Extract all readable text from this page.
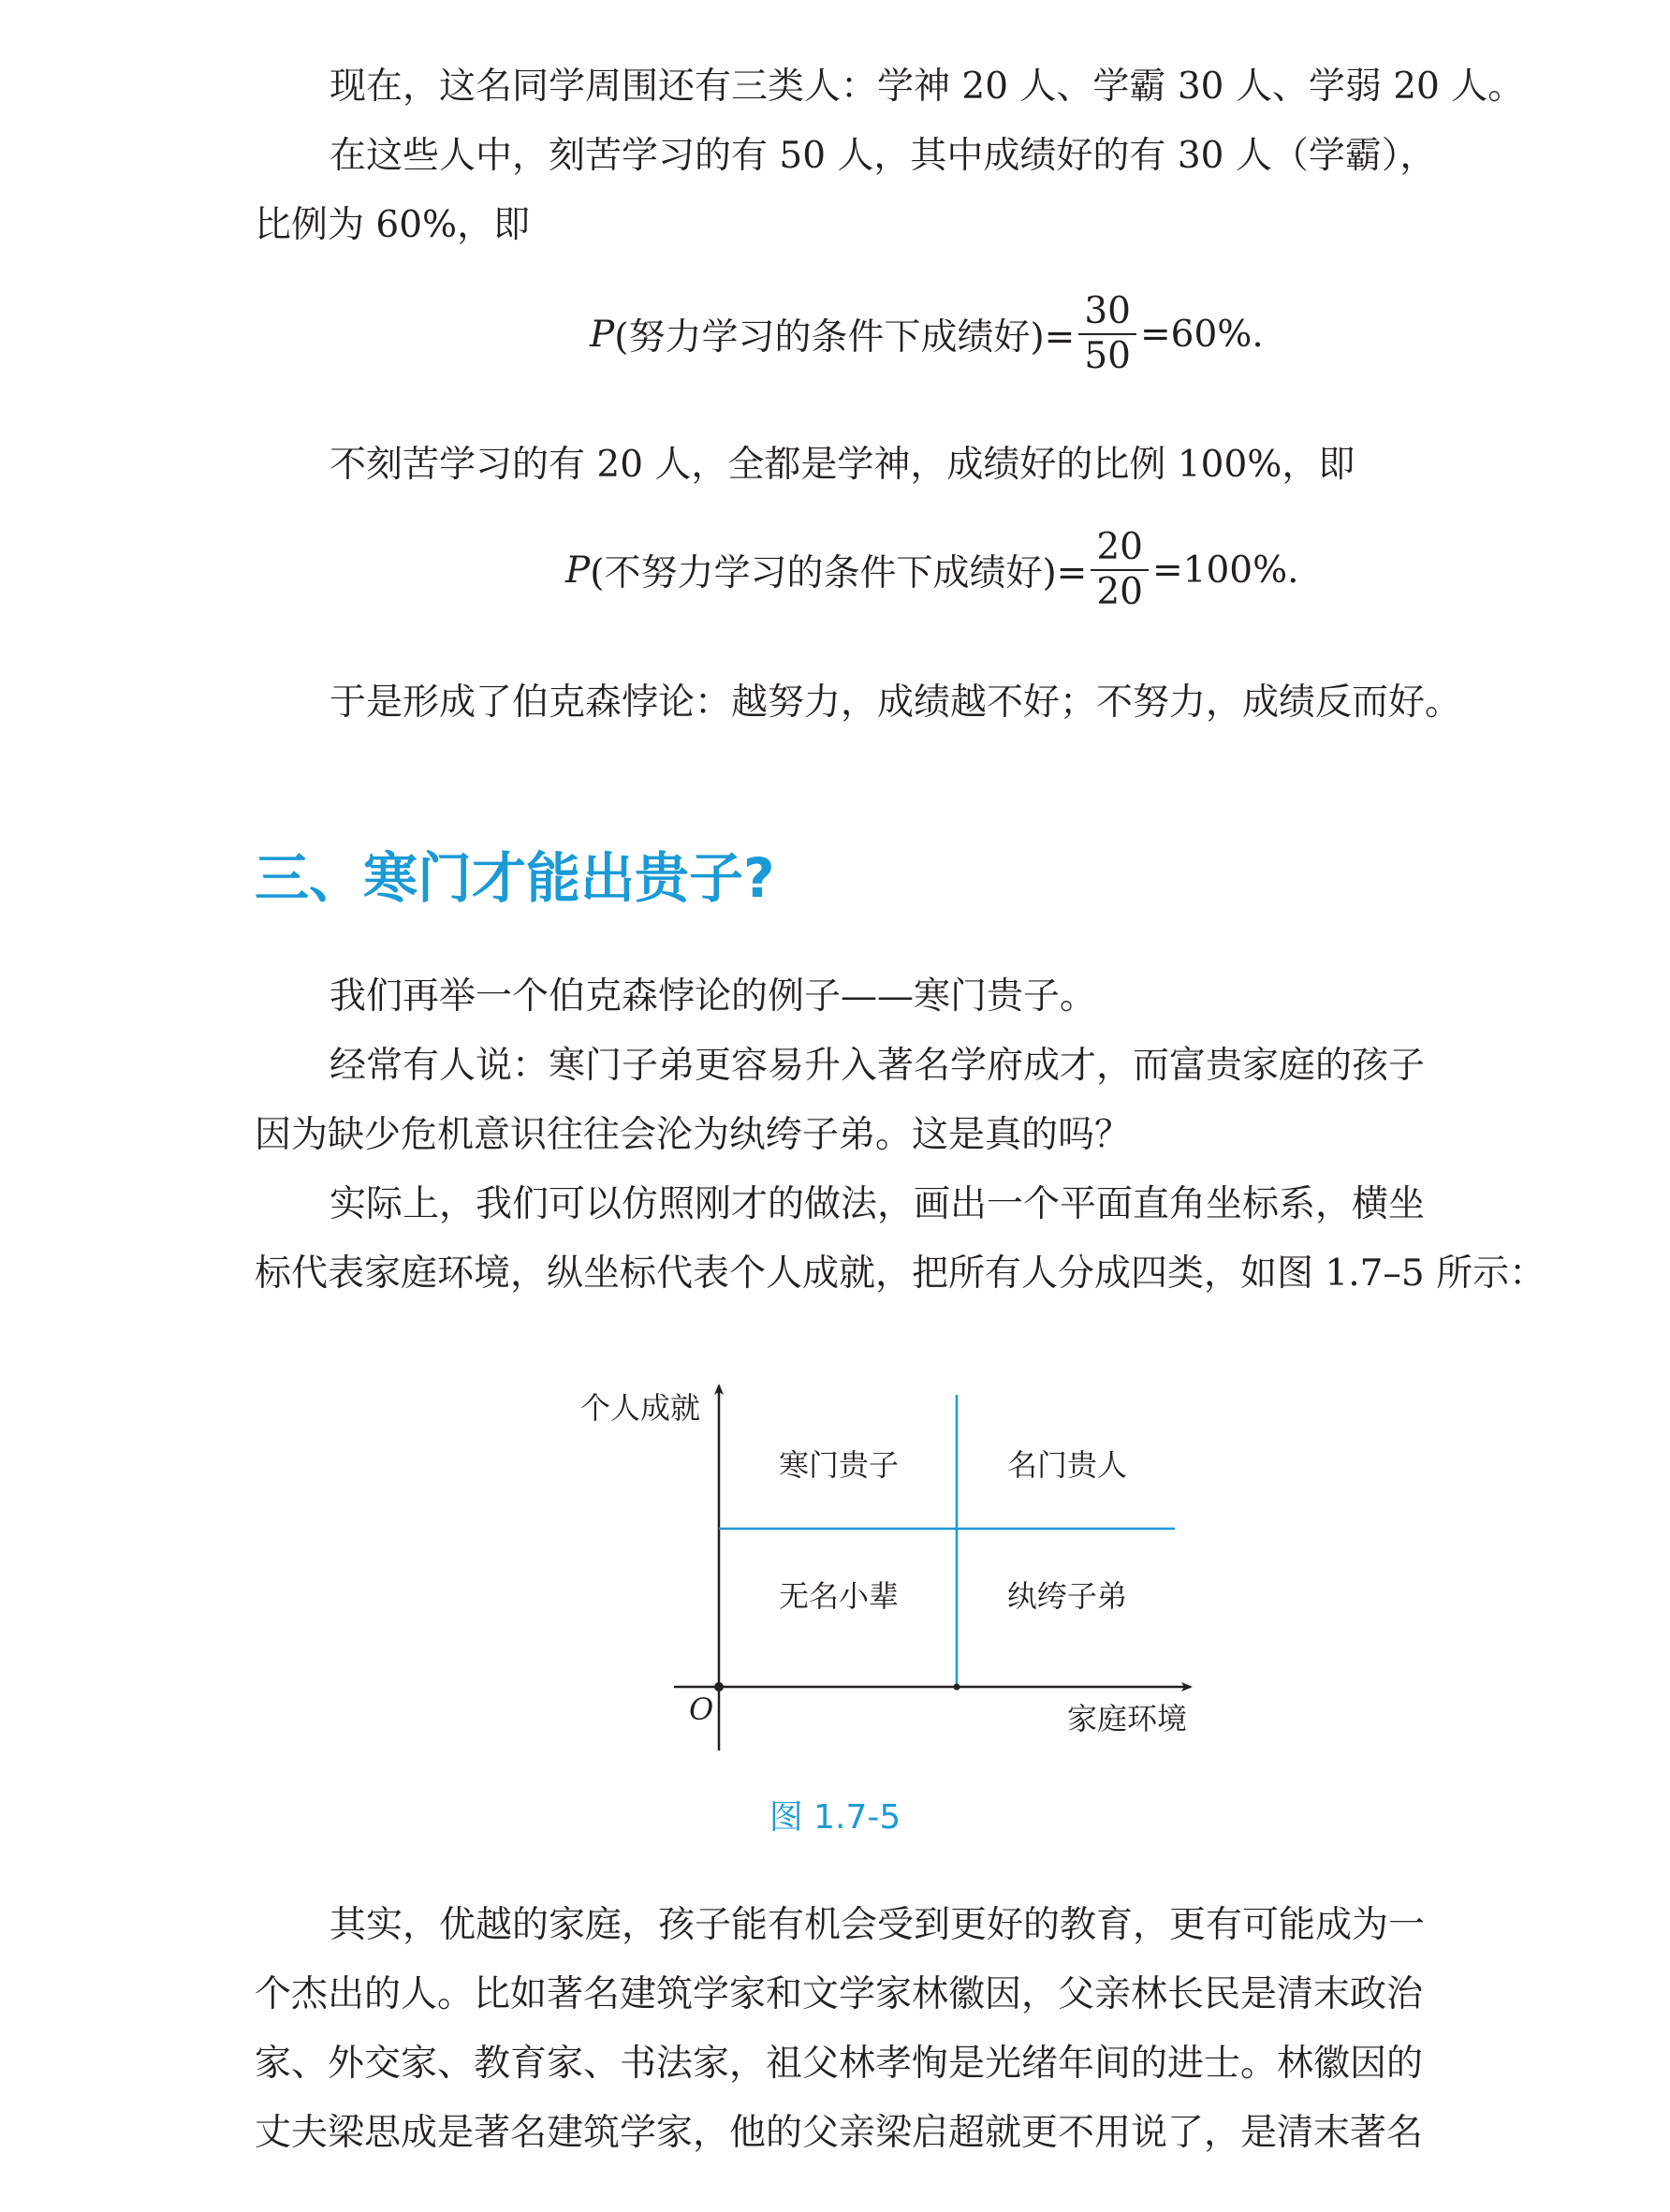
现在，这名同学周围还有三类人：学神 20 人、学霸 30 人、学弱 20 人。
在这些人中，刻苦学习的有 50 人，其中成绩好的有 30 人（学霸），
比例为 60%，即
P (努力学习的条件下成绩好)= $\frac{30}{50} =60\%$.
不刻苦学习的有 20 人，全都是学神，成绩好的比例 100%，即
P (不努力学习的条件下成绩好)= $\frac{20}{20} =100\%$.
于是形成了伯克森悖论：越努力，成绩越不好；不努力，成绩反而好。
三、寒门才能出贵子?
我们再举一个伯克森悖论的例子——寒门贵子。
经常有人说：寒门子弟更容易升入著名学府成才，而富贵家庭的孩子
因为缺少危机意识往往会沦为纨绔子弟。这是真的吗？
实际上，我们可以仿照刚才的做法，画出一个平面直角坐标系，横坐
标代表家庭环境，纵坐标代表个人成就，把所有人分成四类，如图 1.7–5 所示：
个人成就
家庭环境
O
寒门贵子	名门贵人
无名小辈	纨绔子弟
图 1.7-5
其实，优越的家庭，孩子能有机会受到更好的教育，更有可能成为一
个杰出的人。比如著名建筑学家和文学家林徽因，父亲林长民是清末政治
家、外交家、教育家、书法家，祖父林孝恂是光绪年间的进士。林徽因的
丈夫梁思成是著名建筑学家，他的父亲梁启超就更不用说了，是清末著名
